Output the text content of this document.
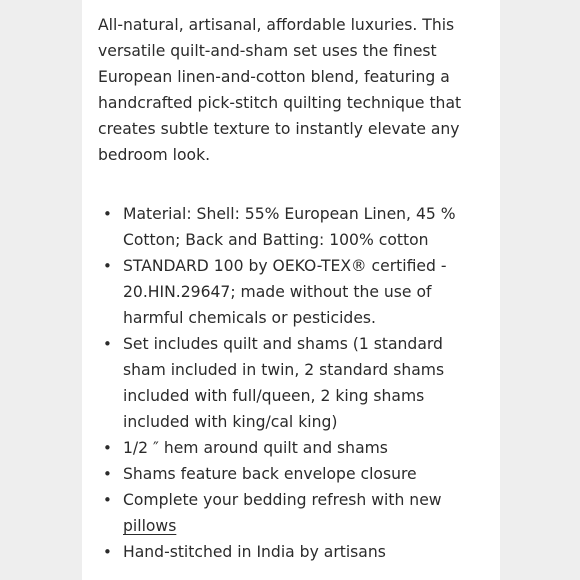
All-natural, artisanal, affordable luxuries. This versatile quilt-and-sham set uses the finest European linen-and-cotton blend, featuring a handcrafted pick-stitch quilting technique that creates subtle texture to instantly elevate any bedroom look.

• Material: Shell: 55% European Linen, 45 % Cotton; Back and Batting: 100% cotton
• STANDARD 100 by OEKO-TEX® certified - 20.HIN.29647; made without the use of harmful chemicals or pesticides.
• Set includes quilt and shams (1 standard sham included in twin, 2 standard shams included with full/queen, 2 king shams included with king/cal king)
• 1/2 ″ hem around quilt and shams
• Shams feature back envelope closure
• Complete your bedding refresh with new pillows
• Hand-stitched in India by artisans
